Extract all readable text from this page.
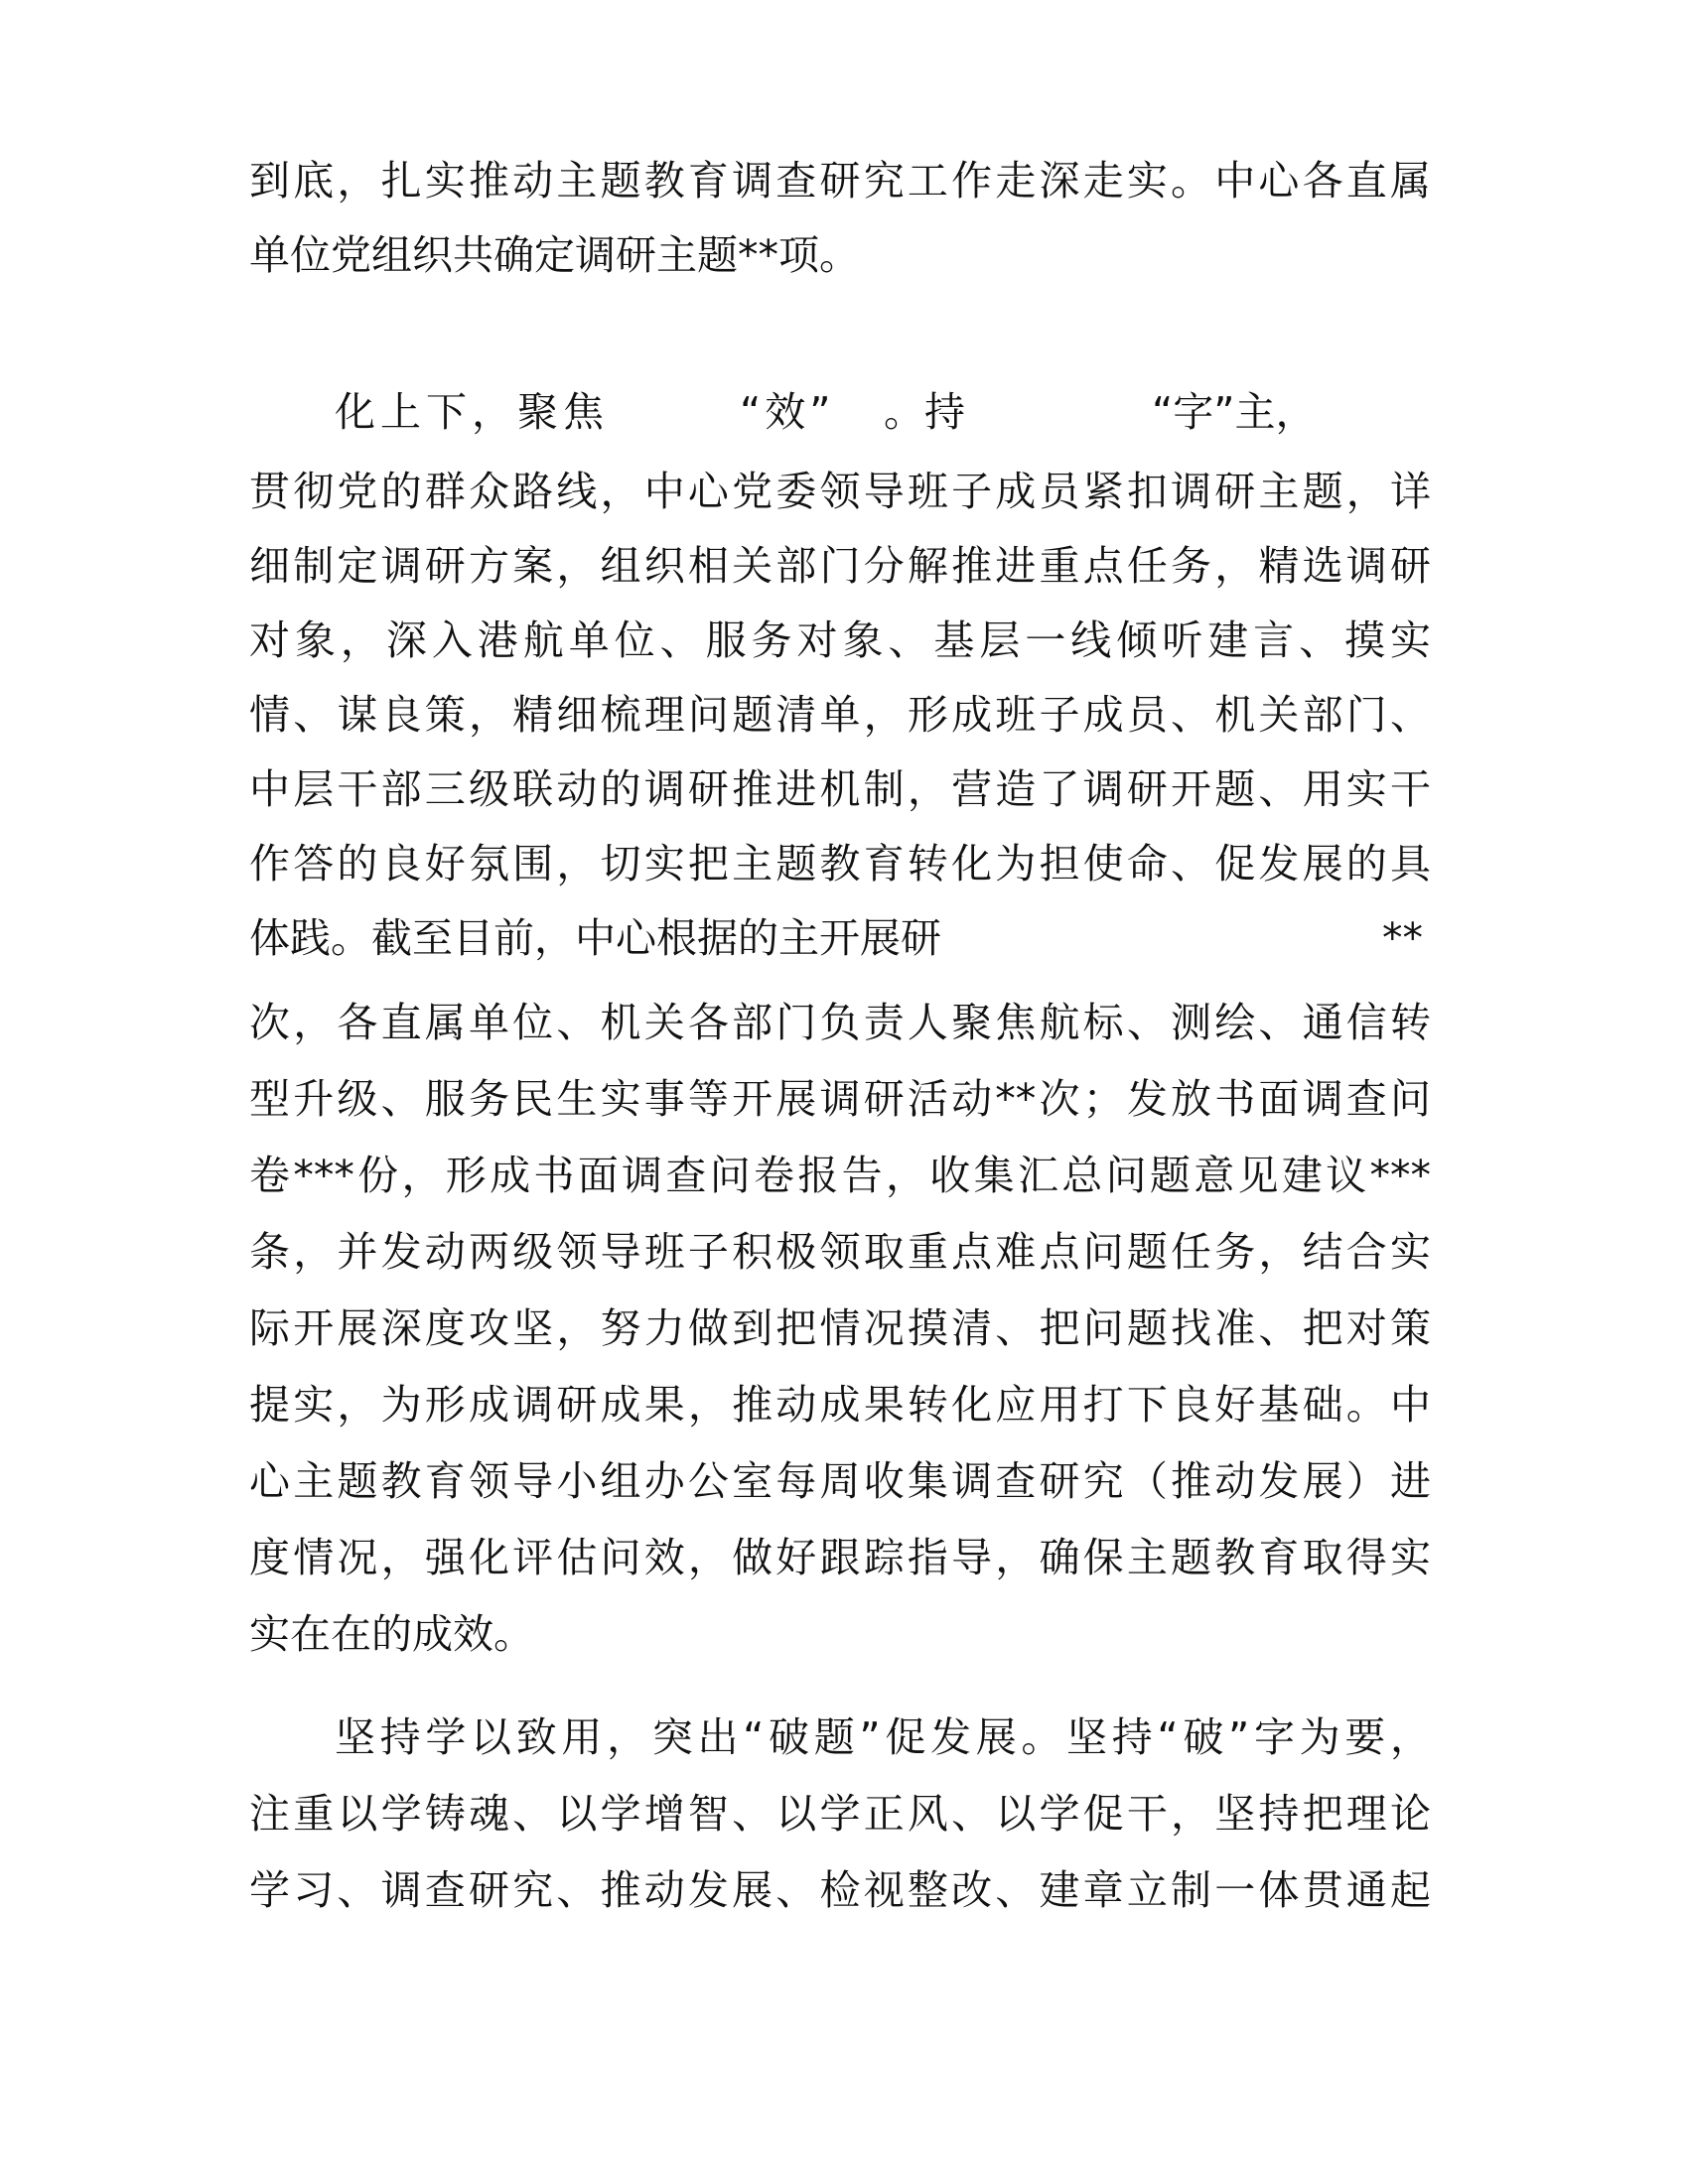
到底，扎实推动主题教育调查研究工作走深走实。中心各直属

单位党组织共确定调研主题**项。

化上下，聚焦	“效” 。持	“字”主，

贯彻党的群众路线，中心党委领导班子成员紧扣调研主题，详

细制定调研方案，组织相关部门分解推进重点任务，精选调研

对象，深入港航单位、服务对象、基层一线倾听建言、摸实

情、谋良策，精细梳理问题清单，形成班子成员、机关部门、

中层干部三级联动的调研推进机制，营造了调研开题、用实干

作答的良好氛围，切实把主题教育转化为担使命、促发展的具

体践。截至目前，中心根据的主开展研	**

次，各直属单位、机关各部门负责人聚焦航标、测绘、通信转

型升级、服务民生实事等开展调研活动**次；发放书面调查问

卷***份，形成书面调查问卷报告，收集汇总问题意见建议***

条，并发动两级领导班子积极领取重点难点问题任务，结合实

际开展深度攻坚，努力做到把情况摸清、把问题找准、把对策

提实，为形成调研成果，推动成果转化应用打下良好基础。中

心主题教育领导小组办公室每周收集调查研究（推动发展）进

度情况，强化评估问效，做好跟踪指导，确保主题教育取得实

实在在的成效。

坚持学以致用，突出“破题”促发展。坚持“破”字为要，

注重以学铸魂、以学增智、以学正风、以学促干，坚持把理论

学习、调查研究、推动发展、检视整改、建章立制一体贯通起
